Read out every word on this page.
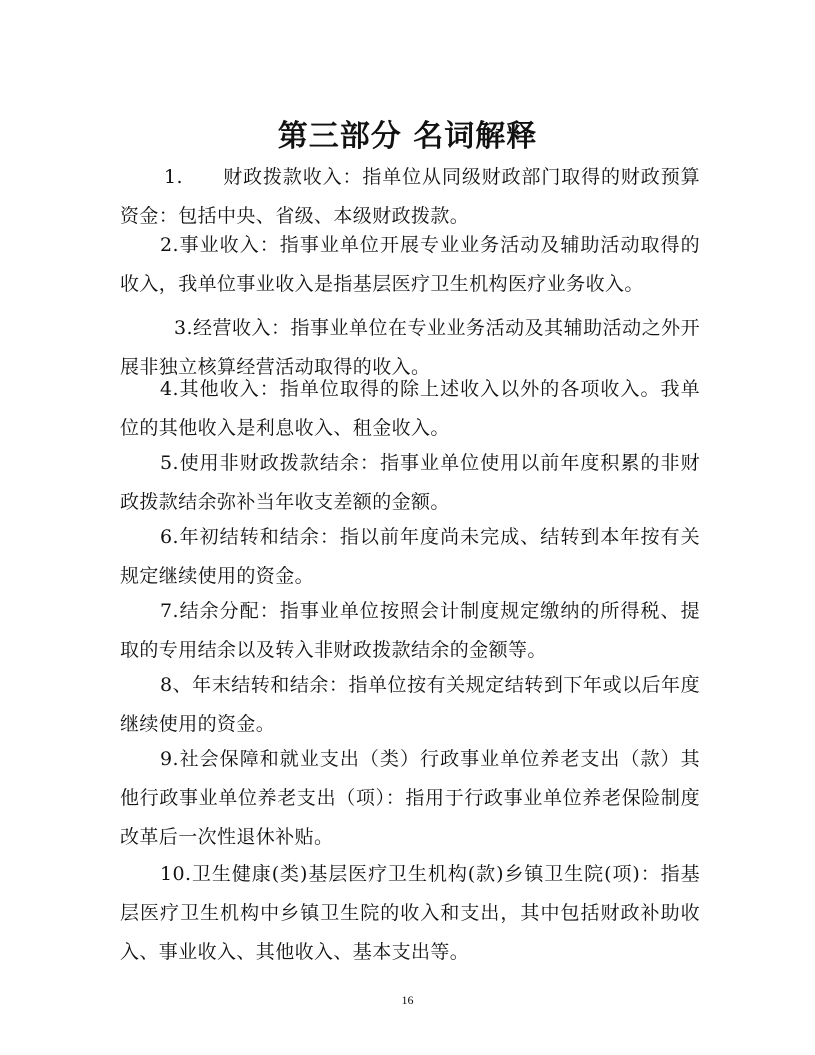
第三部分 名词解释

1.　　财政拨款收入：指单位从同级财政部门取得的财政预算资金：包括中央、省级、本级财政拨款。

2.事业收入：指事业单位开展专业业务活动及辅助活动取得的收入，我单位事业收入是指基层医疗卫生机构医疗业务收入。

3.经营收入：指事业单位在专业业务活动及其辅助活动之外开展非独立核算经营活动取得的收入。

4.其他收入：指单位取得的除上述收入以外的各项收入。我单位的其他收入是利息收入、租金收入。

5.使用非财政拨款结余：指事业单位使用以前年度积累的非财政拨款结余弥补当年收支差额的金额。

6.年初结转和结余：指以前年度尚未完成、结转到本年按有关规定继续使用的资金。

7.结余分配：指事业单位按照会计制度规定缴纳的所得税、提取的专用结余以及转入非财政拨款结余的金额等。

8、年末结转和结余：指单位按有关规定结转到下年或以后年度继续使用的资金。

9.社会保障和就业支出（类）行政事业单位养老支出（款）其他行政事业单位养老支出（项）：指用于行政事业单位养老保险制度改革后一次性退休补贴。

10.卫生健康(类)基层医疗卫生机构(款)乡镇卫生院(项)：指基层医疗卫生机构中乡镇卫生院的收入和支出，其中包括财政补助收入、事业收入、其他收入、基本支出等。

16
